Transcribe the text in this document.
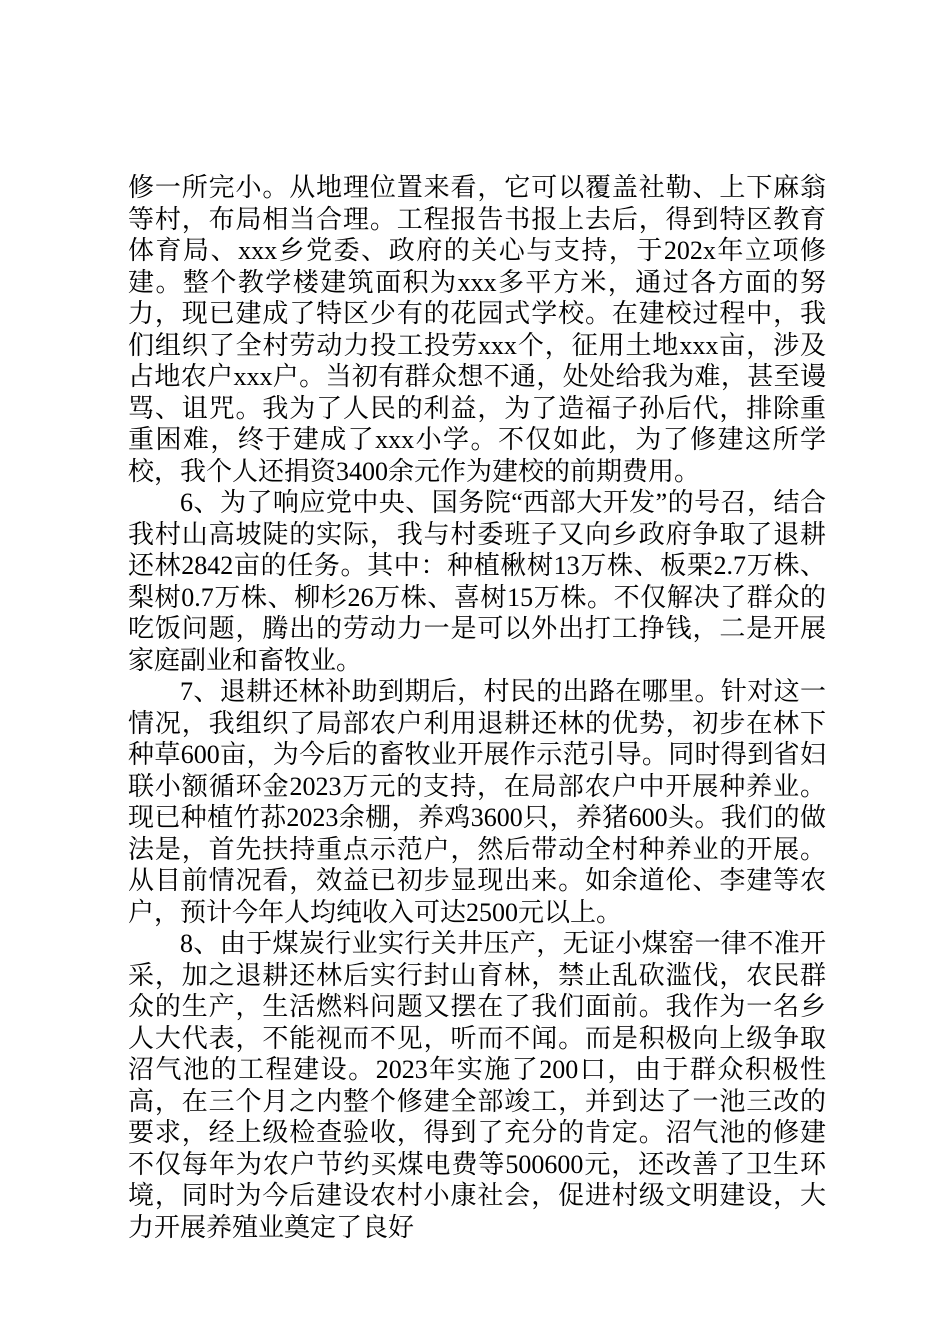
修一所完小。从地理位置来看，它可以覆盖社勒、上下麻翁等村，布局相当合理。工程报告书报上去后，得到特区教育体育局、xxx乡党委、政府的关心与支持，于202x年立项修建。整个教学楼建筑面积为xxx多平方米，通过各方面的努力，现已建成了特区少有的花园式学校。在建校过程中，我们组织了全村劳动力投工投劳xxx个，征用土地xxx亩，涉及占地农户xxx户。当初有群众想不通，处处给我为难，甚至谩骂、诅咒。我为了人民的利益，为了造福子孙后代，排除重重困难，终于建成了xxx小学。不仅如此，为了修建这所学校，我个人还捐资3400余元作为建校的前期费用。

6、为了响应党中央、国务院“西部大开发”的号召，结合我村山高坡陡的实际，我与村委班子又向乡政府争取了退耕还林2842亩的任务。其中：种植楸树13万株、板栗2.7万株、梨树0.7万株、柳杉26万株、喜树15万株。不仅解决了群众的吃饭问题，腾出的劳动力一是可以外出打工挣钱，二是开展家庭副业和畜牧业。

7、退耕还林补助到期后，村民的出路在哪里。针对这一情况，我组织了局部农户利用退耕还林的优势，初步在林下种草600亩，为今后的畜牧业开展作示范引导。同时得到省妇联小额循环金2023万元的支持，在局部农户中开展种养业。现已种植竹荪2023余棚，养鸡3600只，养猪600头。我们的做法是，首先扶持重点示范户，然后带动全村种养业的开展。从目前情况看，效益已初步显现出来。如余道伦、李建等农户，预计今年人均纯收入可达2500元以上。

8、由于煤炭行业实行关井压产，无证小煤窑一律不准开采，加之退耕还林后实行封山育林，禁止乱砍滥伐，农民群众的生产，生活燃料问题又摆在了我们面前。我作为一名乡人大代表，不能视而不见，听而不闻。而是积极向上级争取沼气池的工程建设。2023年实施了200口，由于群众积极性高，在三个月之内整个修建全部竣工，并到达了一池三改的要求，经上级检查验收，得到了充分的肯定。沼气池的修建不仅每年为农户节约买煤电费等500600元，还改善了卫生环境，同时为今后建设农村小康社会，促进村级文明建设，大力开展养殖业奠定了良好
